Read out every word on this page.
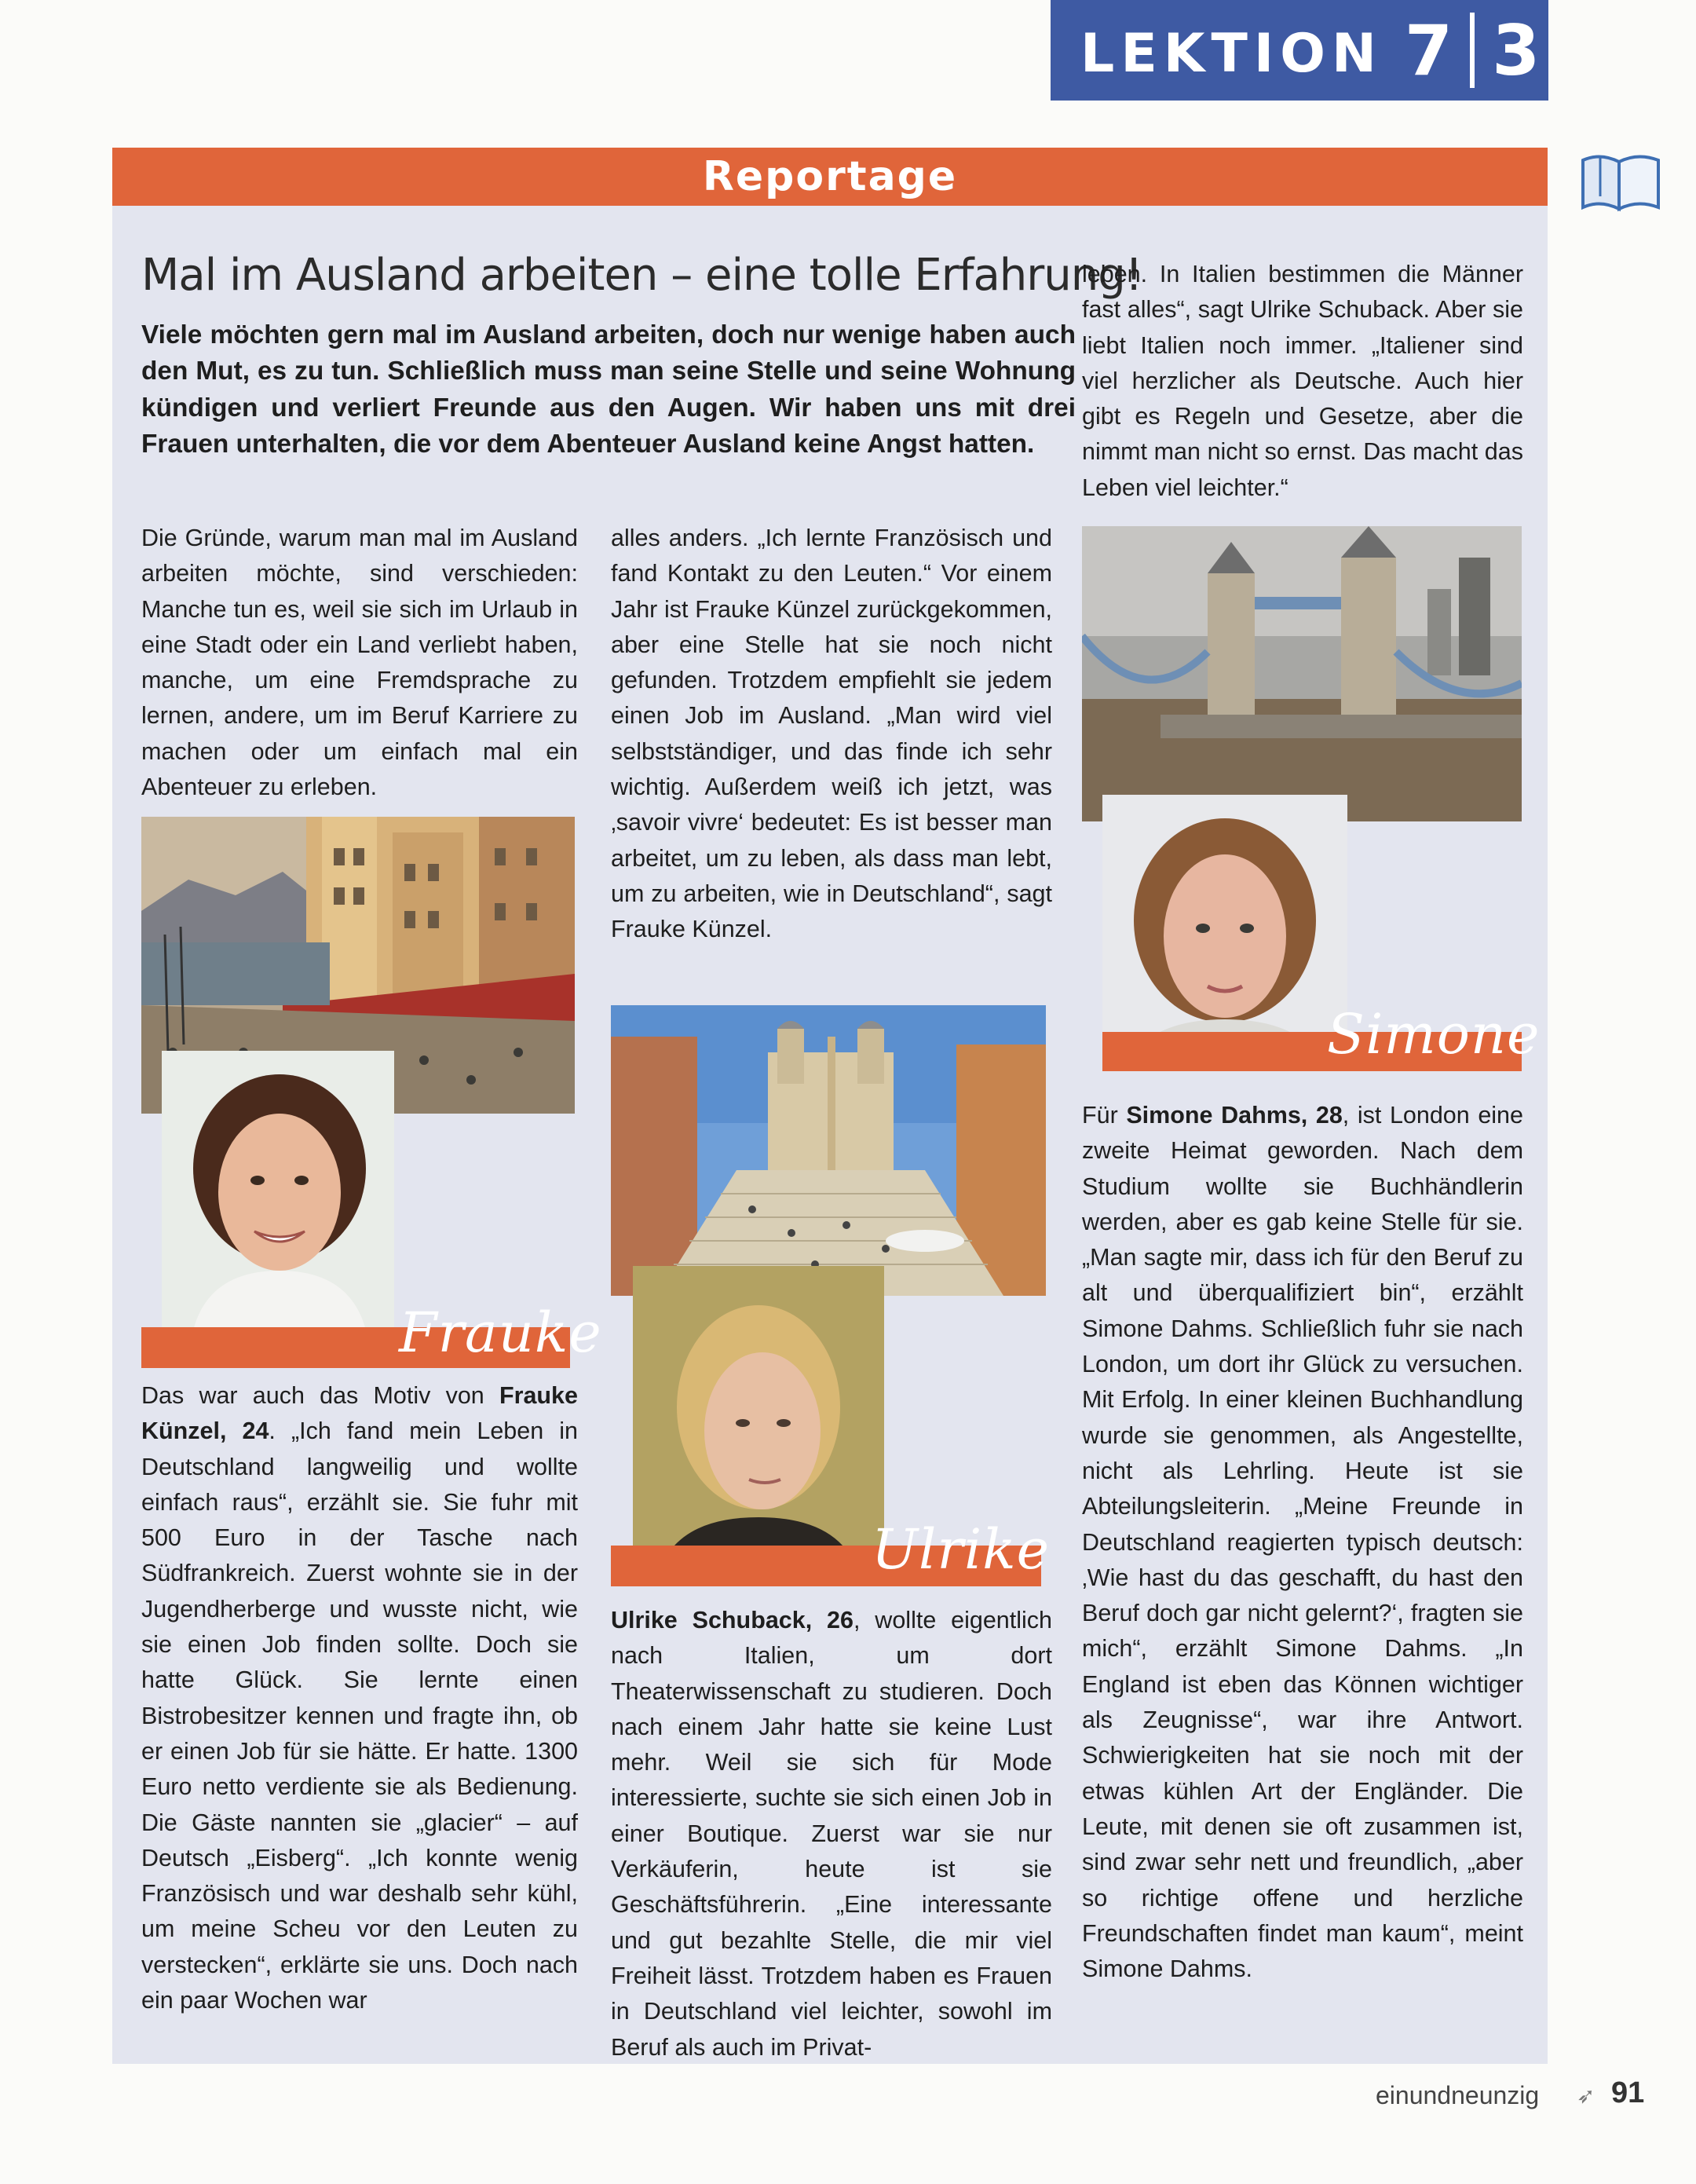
LEKTION 7 3
Reportage
Mal im Ausland arbeiten – eine tolle Erfahrung!
Viele möchten gern mal im Ausland arbeiten, doch nur wenige haben auch den Mut, es zu tun. Schließlich muss man seine Stelle und seine Wohnung kündigen und verliert Freunde aus den Augen. Wir haben uns mit drei Frauen unterhalten, die vor dem Abenteuer Ausland keine Angst hatten.
Die Gründe, warum man mal im Ausland arbeiten möchte, sind verschieden: Manche tun es, weil sie sich im Urlaub in eine Stadt oder ein Land verliebt haben, manche, um eine Fremdsprache zu lernen, andere, um im Beruf Karriere zu machen oder um einfach mal ein Abenteuer zu erleben.
Frauke
Das war auch das Motiv von Frauke Künzel, 24. „Ich fand mein Leben in Deutschland langweilig und wollte einfach raus“, erzählt sie. Sie fuhr mit 500 Euro in der Tasche nach Südfrankreich. Zuerst wohnte sie in der Jugendherberge und wusste nicht, wie sie einen Job finden sollte. Doch sie hatte Glück. Sie lernte einen Bistrobesitzer kennen und fragte ihn, ob er einen Job für sie hätte. Er hatte. 1300 Euro netto verdiente sie als Bedienung. Die Gäste nannten sie „glacier“ – auf Deutsch „Eisberg“. „Ich konnte wenig Französisch und war deshalb sehr kühl, um meine Scheu vor den Leuten zu verstecken“, erklärte sie uns. Doch nach ein paar Wochen war
alles anders. „Ich lernte Französisch und fand Kontakt zu den Leuten.“ Vor einem Jahr ist Frauke Künzel zurückgekommen, aber eine Stelle hat sie noch nicht gefunden. Trotzdem empfiehlt sie jedem einen Job im Ausland. „Man wird viel selbstständiger, und das finde ich sehr wichtig. Außerdem weiß ich jetzt, was ‚savoir vivre‘ bedeutet: Es ist besser man arbeitet, um zu leben, als dass man lebt, um zu arbeiten, wie in Deutschland“, sagt Frauke Künzel.
Ulrike
Ulrike Schuback, 26, wollte eigentlich nach Italien, um dort Theaterwissenschaft zu studieren. Doch nach einem Jahr hatte sie keine Lust mehr. Weil sie sich für Mode interessierte, suchte sie sich einen Job in einer Boutique. Zuerst war sie nur Verkäuferin, heute ist sie Geschäftsführerin. „Eine interessante und gut bezahlte Stelle, die mir viel Freiheit lässt. Trotzdem haben es Frauen in Deutschland viel leichter, sowohl im Beruf als auch im Privat-
leben. In Italien bestimmen die Männer fast alles“, sagt Ulrike Schuback. Aber sie liebt Italien noch immer. „Italiener sind viel herzlicher als Deutsche. Auch hier gibt es Regeln und Gesetze, aber die nimmt man nicht so ernst. Das macht das Leben viel leichter.“
Simone
Für Simone Dahms, 28, ist London eine zweite Heimat geworden. Nach dem Studium wollte sie Buchhändlerin werden, aber es gab keine Stelle für sie. „Man sagte mir, dass ich für den Beruf zu alt und überqualifiziert bin“, erzählt Simone Dahms. Schließlich fuhr sie nach London, um dort ihr Glück zu versuchen. Mit Erfolg. In einer kleinen Buchhandlung wurde sie genommen, als Angestellte, nicht als Lehrling. Heute ist sie Abteilungsleiterin. „Meine Freunde in Deutschland reagierten typisch deutsch: ‚Wie hast du das geschafft, du hast den Beruf doch gar nicht gelernt?‘, fragten sie mich“, erzählt Simone Dahms. „In England ist eben das Können wichtiger als Zeugnisse“, war ihre Antwort. Schwierigkeiten hat sie noch mit der etwas kühlen Art der Engländer. Die Leute, mit denen sie oft zusammen ist, sind zwar sehr nett und freundlich, „aber so richtige offene und herzliche Freundschaften findet man kaum“, meint Simone Dahms.
einundneunzig ➶ 91
